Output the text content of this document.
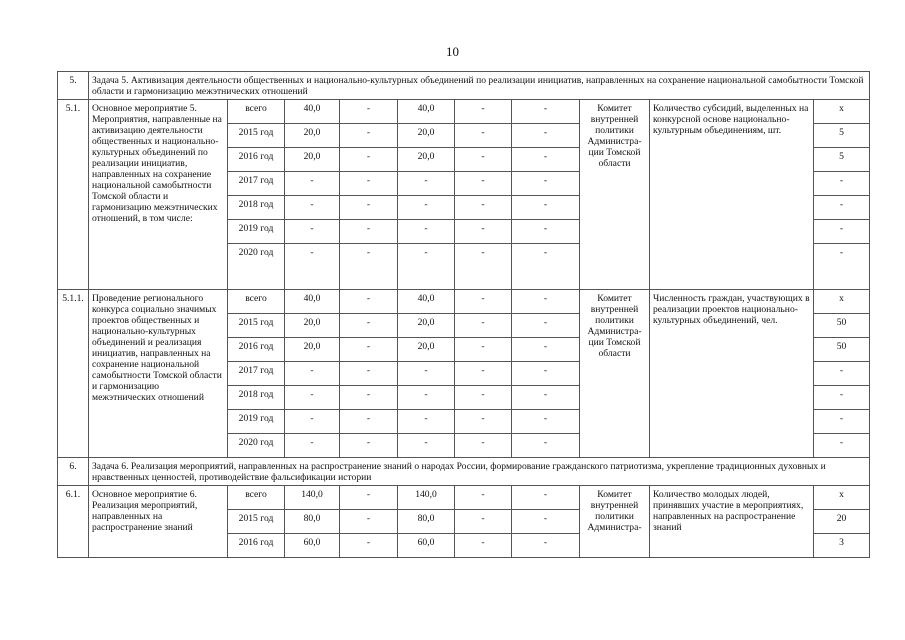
10
5.	Задача 5. Активизация деятельности общественных и национально-культурных объединений по реализации инициатив, направленных на сохранение национальной самобытности Томской области и гармонизацию межэтнических отношений									
5.1.	Основное мероприятие 5. Мероприятия, направленные на активизацию деятельности общественных и национально-культурных объединений по реализации инициатив, направленных на сохранение национальной самобытности Томской области и гармонизацию межэтнических отношений, в том числе:	всего	40,0	-	40,0	-	-	Комитет внутренней политики Администра-ции Томской области	Количество субсидий, выделенных на конкурсной основе национально-культурным объединениям, шт.	х
		2015 год	20,0	-	20,0	-	-			5
		2016 год	20,0	-	20,0	-	-			5
		2017 год	-	-	-	-	-			-
		2018 год	-	-	-	-	-			-
		2019 год	-	-	-	-	-			-
		2020 год	-	-	-	-	-			-
5.1.1.	Проведение регионального конкурса социально значимых проектов общественных и национально-культурных объединений и реализация инициатив, направленных на сохранение национальной самобытности Томской области и гармонизацию межэтнических отношений	всего	40,0	-	40,0	-	-	Комитет внутренней политики Администра-ции Томской области	Численность граждан, участвующих в реализации проектов национально-культурных объединений, чел.	х
		2015 год	20,0	-	20,0	-	-			50
		2016 год	20,0	-	20,0	-	-			50
		2017 год	-	-	-	-	-			-
		2018 год	-	-	-	-	-			-
		2019 год	-	-	-	-	-			-
		2020 год	-	-	-	-	-			-
6.	Задача 6. Реализация мероприятий, направленных на распространение знаний о народах России, формирование гражданского патриотизма, укрепление традиционных духовных и нравственных ценностей, противодействие фальсификации истории									
6.1.	Основное мероприятие 6. Реализация мероприятий, направленных на распространение знаний	всего	140,0	-	140,0	-	-	Комитет внутренней политики Администра-	Количество молодых людей, принявших участие в мероприятиях, направленных на распространение знаний	х
		2015 год	80,0	-	80,0	-	-			20
		2016 год	60,0	-	60,0	-	-			3
